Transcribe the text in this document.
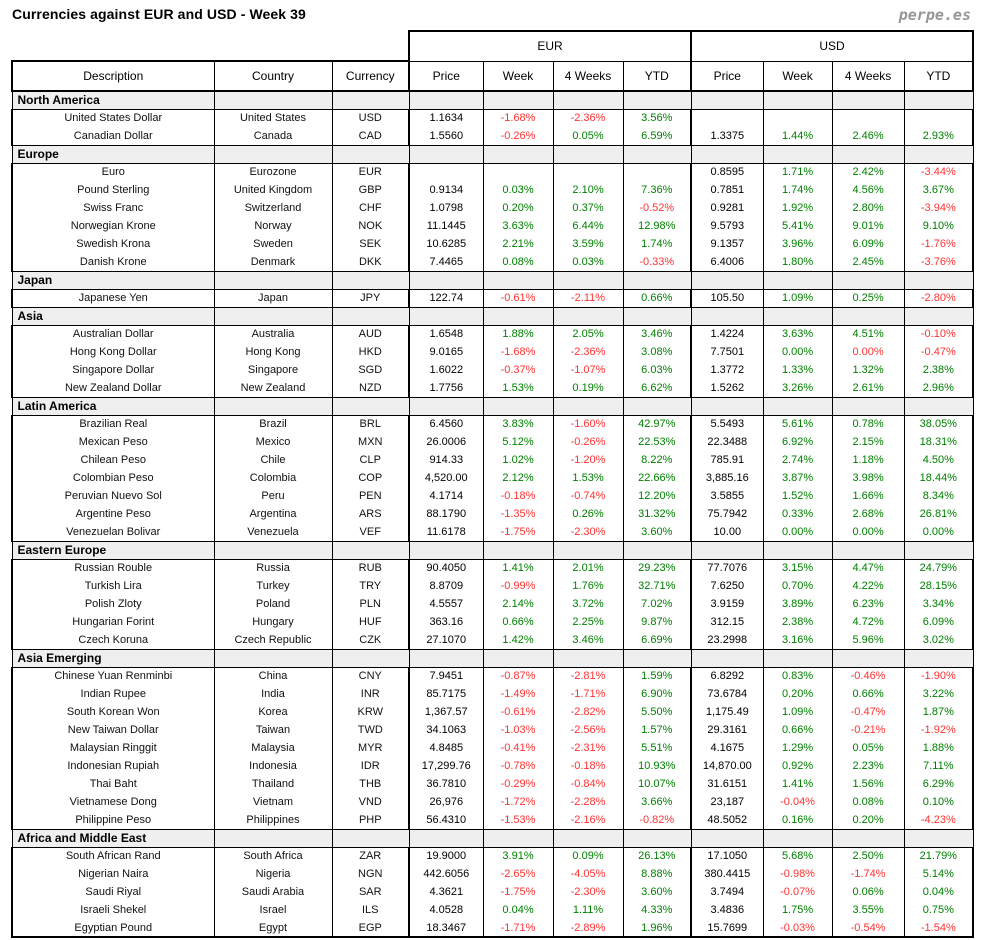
Currencies against EUR and USD - Week 39	perpe.es
			EUR				USD			
Description	Country	Currency	Price	Week	4 Weeks	YTD	Price	Week	4 Weeks	YTD
North America										
United States Dollar	United States	USD	1.1634	-1.68%	-2.36%	3.56%				
Canadian Dollar	Canada	CAD	1.5560	-0.26%	0.05%	6.59%	1.3375	1.44%	2.46%	2.93%
Europe										
Euro	Eurozone	EUR					0.8595	1.71%	2.42%	-3.44%
Pound Sterling	United Kingdom	GBP	0.9134	0.03%	2.10%	7.36%	0.7851	1.74%	4.56%	3.67%
Swiss Franc	Switzerland	CHF	1.0798	0.20%	0.37%	-0.52%	0.9281	1.92%	2.80%	-3.94%
Norwegian Krone	Norway	NOK	11.1445	3.63%	6.44%	12.98%	9.5793	5.41%	9.01%	9.10%
Swedish Krona	Sweden	SEK	10.6285	2.21%	3.59%	1.74%	9.1357	3.96%	6.09%	-1.76%
Danish Krone	Denmark	DKK	7.4465	0.08%	0.03%	-0.33%	6.4006	1.80%	2.45%	-3.76%
Japan										
Japanese Yen	Japan	JPY	122.74	-0.61%	-2.11%	0.66%	105.50	1.09%	0.25%	-2.80%
Asia										
Australian Dollar	Australia	AUD	1.6548	1.88%	2.05%	3.46%	1.4224	3.63%	4.51%	-0.10%
Hong Kong Dollar	Hong Kong	HKD	9.0165	-1.68%	-2.36%	3.08%	7.7501	0.00%	0.00%	-0.47%
Singapore Dollar	Singapore	SGD	1.6022	-0.37%	-1.07%	6.03%	1.3772	1.33%	1.32%	2.38%
New Zealand Dollar	New Zealand	NZD	1.7756	1.53%	0.19%	6.62%	1.5262	3.26%	2.61%	2.96%
Latin America										
Brazilian Real	Brazil	BRL	6.4560	3.83%	-1.60%	42.97%	5.5493	5.61%	0.78%	38.05%
Mexican Peso	Mexico	MXN	26.0006	5.12%	-0.26%	22.53%	22.3488	6.92%	2.15%	18.31%
Chilean Peso	Chile	CLP	914.33	1.02%	-1.20%	8.22%	785.91	2.74%	1.18%	4.50%
Colombian Peso	Colombia	COP	4,520.00	2.12%	1.53%	22.66%	3,885.16	3.87%	3.98%	18.44%
Peruvian Nuevo Sol	Peru	PEN	4.1714	-0.18%	-0.74%	12.20%	3.5855	1.52%	1.66%	8.34%
Argentine Peso	Argentina	ARS	88.1790	-1.35%	0.26%	31.32%	75.7942	0.33%	2.68%	26.81%
Venezuelan Bolivar	Venezuela	VEF	11.6178	-1.75%	-2.30%	3.60%	10.00	0.00%	0.00%	0.00%
Eastern Europe										
Russian Rouble	Russia	RUB	90.4050	1.41%	2.01%	29.23%	77.7076	3.15%	4.47%	24.79%
Turkish Lira	Turkey	TRY	8.8709	-0.99%	1.76%	32.71%	7.6250	0.70%	4.22%	28.15%
Polish Zloty	Poland	PLN	4.5557	2.14%	3.72%	7.02%	3.9159	3.89%	6.23%	3.34%
Hungarian Forint	Hungary	HUF	363.16	0.66%	2.25%	9.87%	312.15	2.38%	4.72%	6.09%
Czech Koruna	Czech Republic	CZK	27.1070	1.42%	3.46%	6.69%	23.2998	3.16%	5.96%	3.02%
Asia Emerging										
Chinese Yuan Renminbi	China	CNY	7.9451	-0.87%	-2.81%	1.59%	6.8292	0.83%	-0.46%	-1.90%
Indian Rupee	India	INR	85.7175	-1.49%	-1.71%	6.90%	73.6784	0.20%	0.66%	3.22%
South Korean Won	Korea	KRW	1,367.57	-0.61%	-2.82%	5.50%	1,175.49	1.09%	-0.47%	1.87%
New Taiwan Dollar	Taiwan	TWD	34.1063	-1.03%	-2.56%	1.57%	29.3161	0.66%	-0.21%	-1.92%
Malaysian Ringgit	Malaysia	MYR	4.8485	-0.41%	-2.31%	5.51%	4.1675	1.29%	0.05%	1.88%
Indonesian Rupiah	Indonesia	IDR	17,299.76	-0.78%	-0.18%	10.93%	14,870.00	0.92%	2.23%	7.11%
Thai Baht	Thailand	THB	36.7810	-0.29%	-0.84%	10.07%	31.6151	1.41%	1.56%	6.29%
Vietnamese Dong	Vietnam	VND	26,976	-1.72%	-2.28%	3.66%	23,187	-0.04%	0.08%	0.10%
Philippine Peso	Philippines	PHP	56.4310	-1.53%	-2.16%	-0.82%	48.5052	0.16%	0.20%	-4.23%
Africa and Middle East										
South African Rand	South Africa	ZAR	19.9000	3.91%	0.09%	26.13%	17.1050	5.68%	2.50%	21.79%
Nigerian Naira	Nigeria	NGN	442.6056	-2.65%	-4.05%	8.88%	380.4415	-0.98%	-1.74%	5.14%
Saudi Riyal	Saudi Arabia	SAR	4.3621	-1.75%	-2.30%	3.60%	3.7494	-0.07%	0.06%	0.04%
Israeli Shekel	Israel	ILS	4.0528	0.04%	1.11%	4.33%	3.4836	1.75%	3.55%	0.75%
Egyptian Pound	Egypt	EGP	18.3467	-1.71%	-2.89%	1.96%	15.7699	-0.03%	-0.54%	-1.54%
